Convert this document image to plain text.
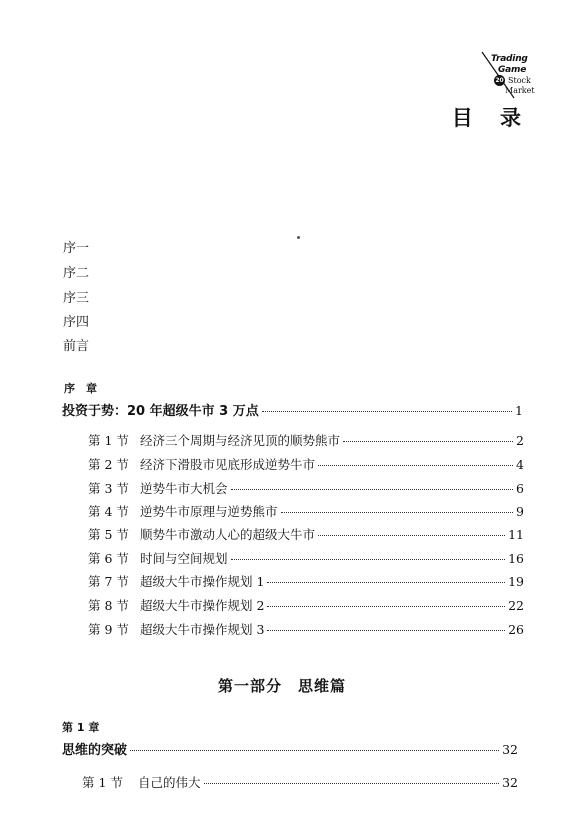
Trading
Game
20 Stock
Market
目 录
序一
序二
序三
序四
前言
序　章
投资于势：20 年超级牛市 3 万点	1
第 1 节 经济三个周期与经济见顶的顺势熊市	2
第 2 节 经济下滑股市见底形成逆势牛市	4
第 3 节 逆势牛市大机会	6
第 4 节 逆势牛市原理与逆势熊市	9
第 5 节 顺势牛市激动人心的超级大牛市	11
第 6 节 时间与空间规划	16
第 7 节 超级大牛市操作规划 1	19
第 8 节 超级大牛市操作规划 2	22
第 9 节 超级大牛市操作规划 3	26
第一部分　思维篇
第 1 章
思维的突破	32
第 1 节	自己的伟大	32
